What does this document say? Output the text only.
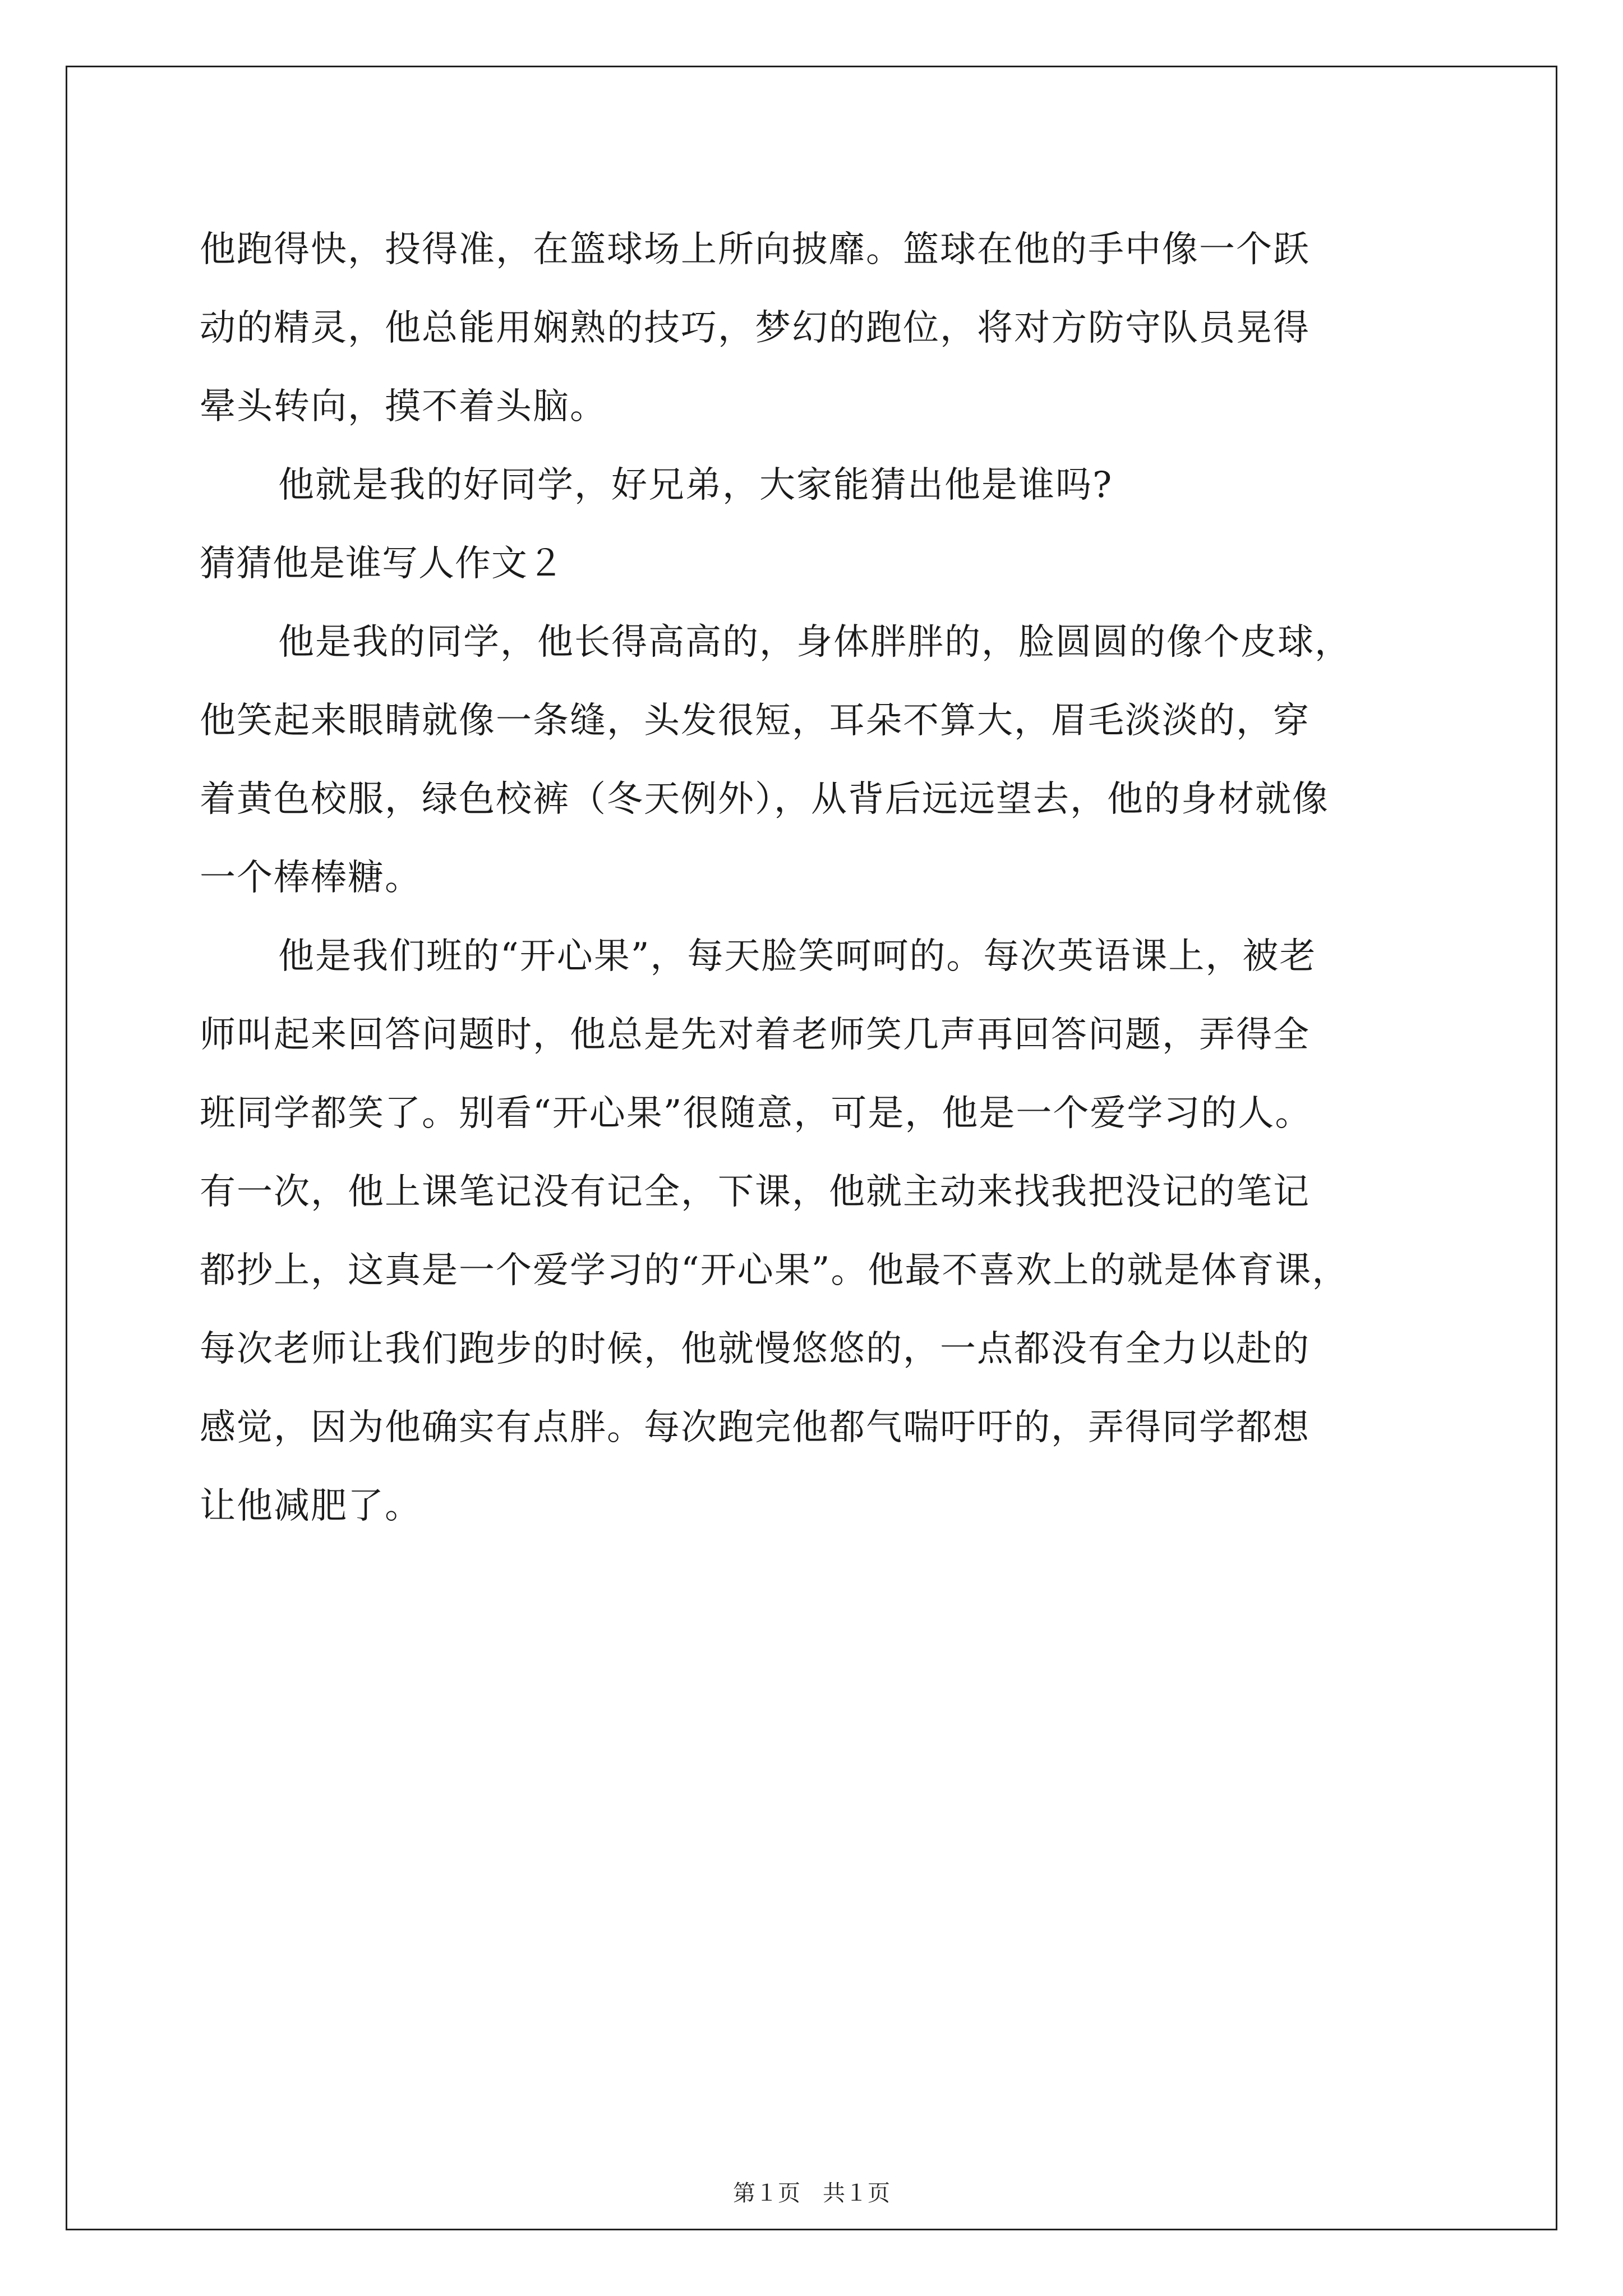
他跑得快，投得准，在篮球场上所向披靡。篮球在他的手中像一个跃
动的精灵，他总能用娴熟的技巧，梦幻的跑位，将对方防守队员晃得
晕头转向，摸不着头脑。
他就是我的好同学，好兄弟，大家能猜出他是谁吗?
猜猜他是谁写人作文２
他是我的同学，他长得高高的，身体胖胖的，脸圆圆的像个皮球，
他笑起来眼睛就像一条缝，头发很短，耳朵不算大，眉毛淡淡的，穿
着黄色校服，绿色校裤（冬天例外），从背后远远望去，他的身材就像
一个棒棒糖。
他是我们班的“开心果”，每天脸笑呵呵的。每次英语课上，被老
师叫起来回答问题时，他总是先对着老师笑几声再回答问题，弄得全
班同学都笑了。别看“开心果”很随意，可是，他是一个爱学习的人。
有一次，他上课笔记没有记全，下课，他就主动来找我把没记的笔记
都抄上，这真是一个爱学习的“开心果”。他最不喜欢上的就是体育课，
每次老师让我们跑步的时候，他就慢悠悠的，一点都没有全力以赴的
感觉，因为他确实有点胖。每次跑完他都气喘吁吁的，弄得同学都想
让他减肥了。
第１页　共１页
